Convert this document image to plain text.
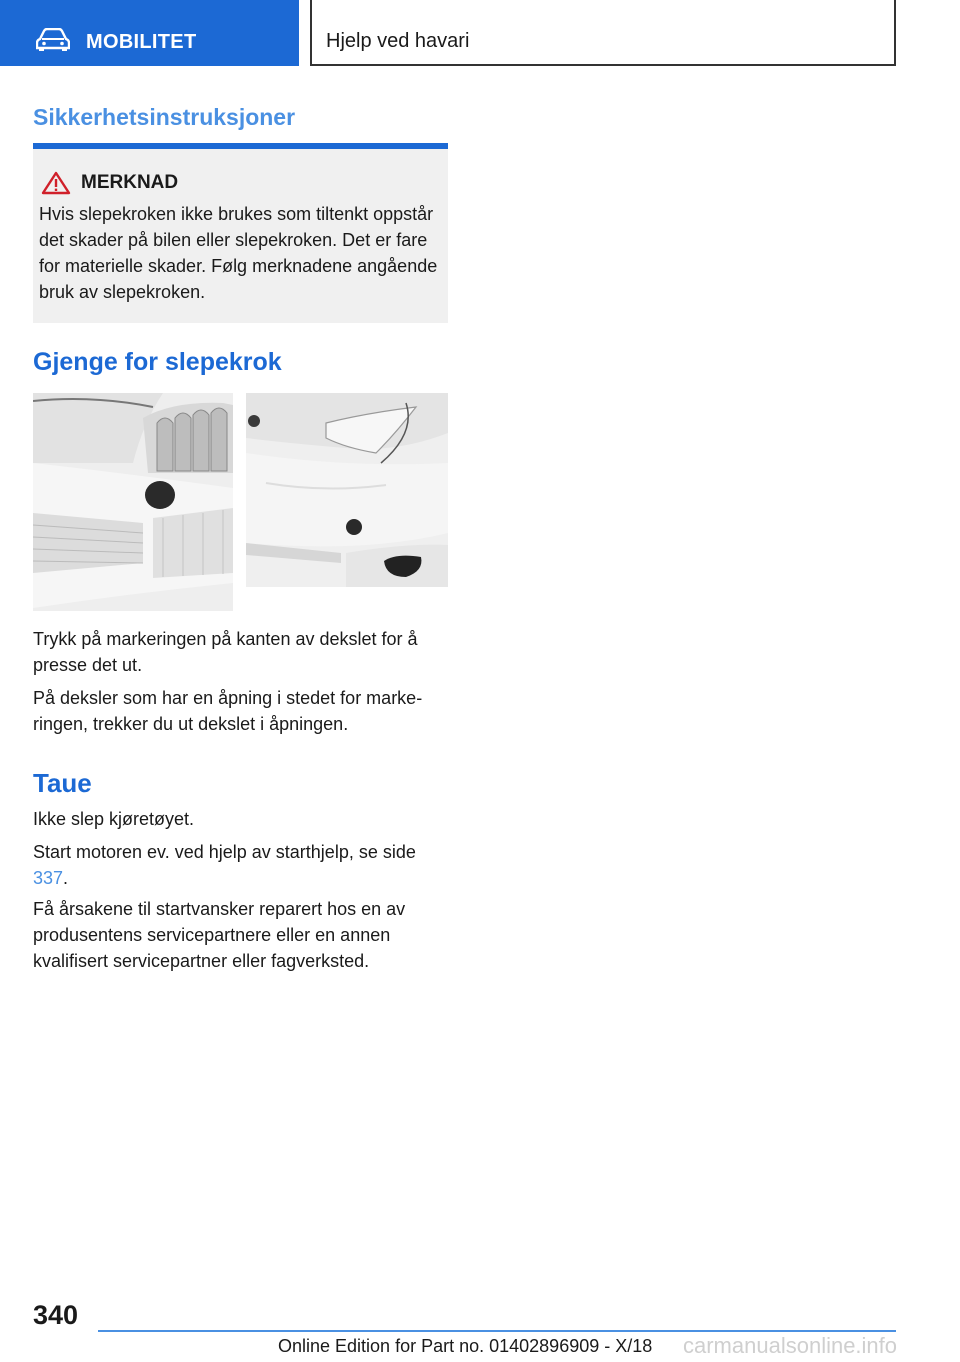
MOBILITET	Hjelp ved havari
Sikkerhetsinstruksjoner
MERKNAD

Hvis slepekroken ikke brukes som tiltenkt oppstår det skader på bilen eller slepekroken. Det er fare for materielle skader. Følg merknadene angående bruk av slepekroken.

Gjenge for slepekrok

Trykk på markeringen på kanten av dekslet for å presse det ut.

På deksler som har en åpning i stedet for markeringen, trekker du ut dekslet i åpningen.

Taue

Ikke slep kjøretøyet.

Start motoren ev. ved hjelp av starthjelp, se side 337.

Få årsakene til startvansker reparert hos en av produsentens servicepartnere eller en annen kvalifisert servicepartner eller fagverksted.

340
Online Edition for Part no. 01402896909 - X/18 carmanualsonline.info
